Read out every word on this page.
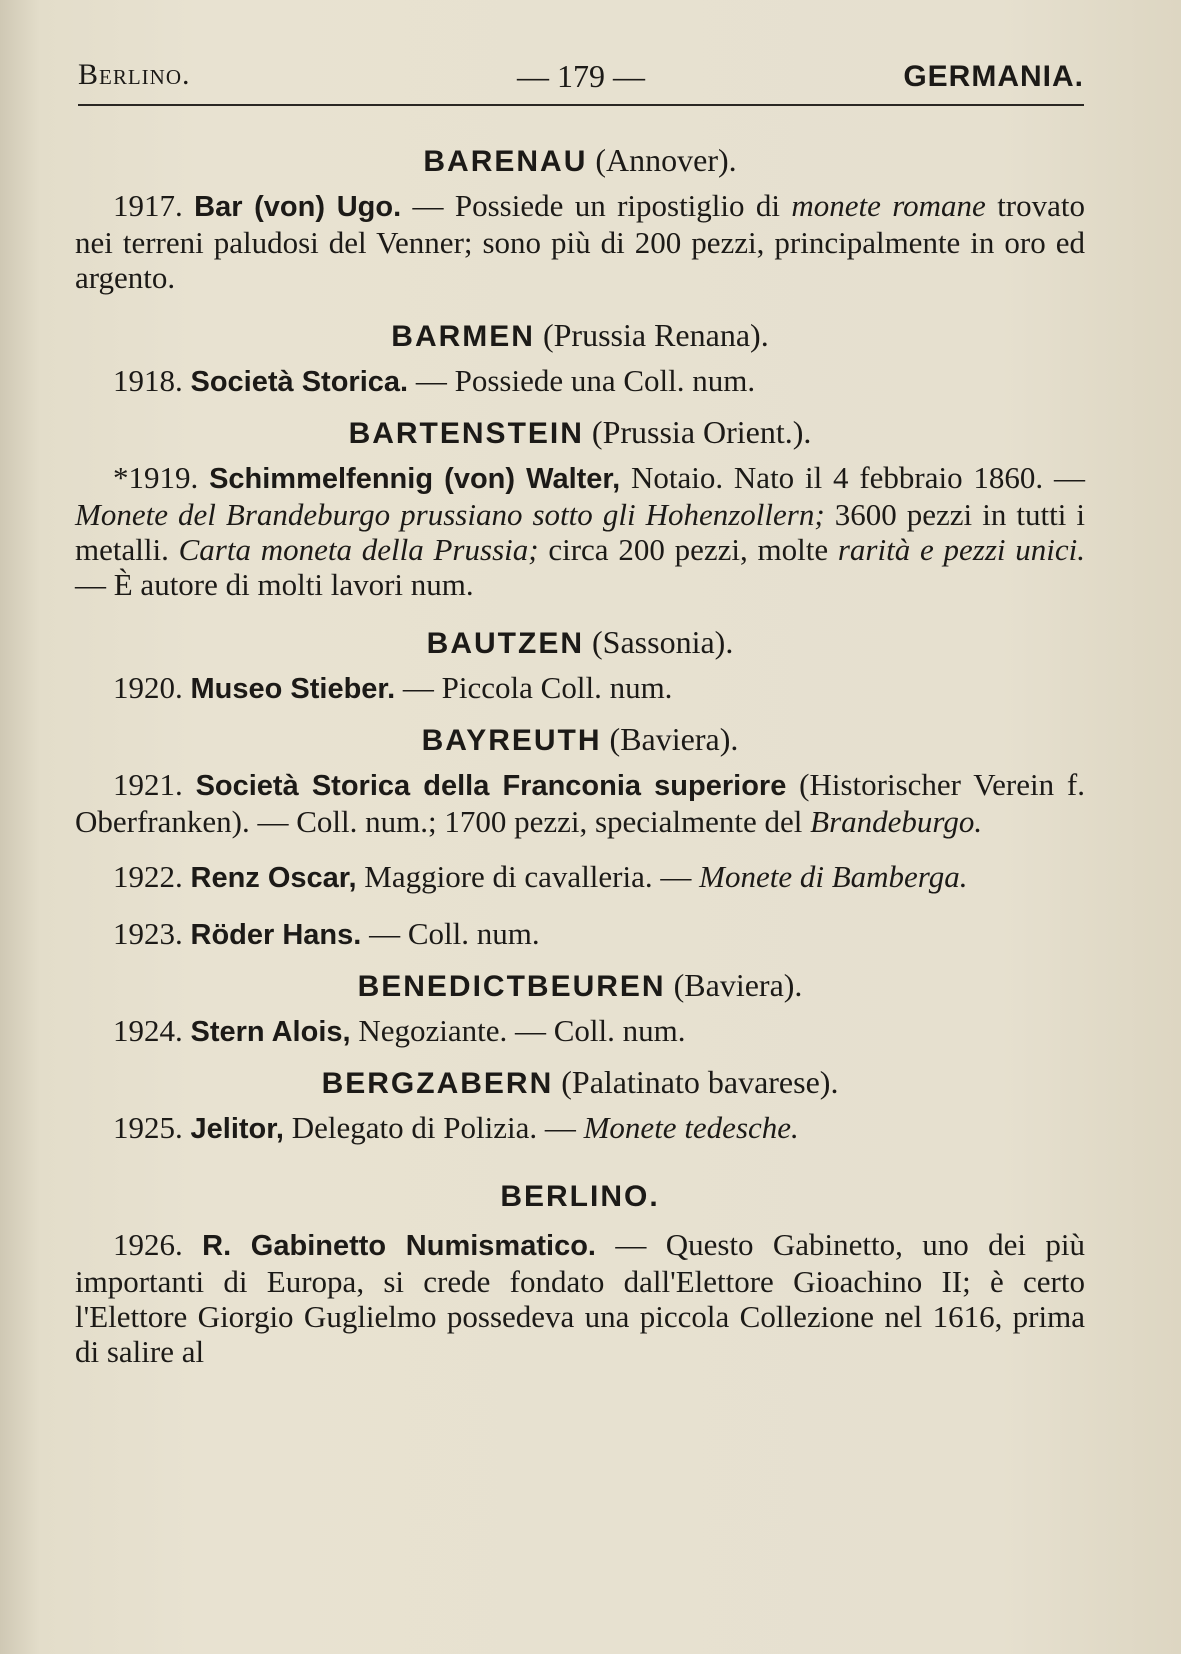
Berlino.	— 179 —	GERMANIA.
BARENAU (Annover).

1917. Bar (von) Ugo. — Possiede un ripostiglio di monete romane trovato nei terreni paludosi del Venner; sono più di 200 pezzi, principalmente in oro ed argento.

BARMEN (Prussia Renana).

1918. Società Storica. — Possiede una Coll. num.

BARTENSTEIN (Prussia Orient.).

*1919. Schimmelfennig (von) Walter, Notaio. Nato il 4 febbraio 1860. — Monete del Brandeburgo prussiano sotto gli Hohenzollern; 3600 pezzi in tutti i metalli. Carta moneta della Prussia; circa 200 pezzi, molte rarità e pezzi unici. — È autore di molti lavori num.

BAUTZEN (Sassonia).

1920. Museo Stieber. — Piccola Coll. num.

BAYREUTH (Baviera).

1921. Società Storica della Franconia superiore (Historischer Verein f. Oberfranken). — Coll. num.; 1700 pezzi, specialmente del Brandeburgo.

1922. Renz Oscar, Maggiore di cavalleria. — Monete di Bamberga.

1923. Röder Hans. — Coll. num.

BENEDICTBEUREN (Baviera).

1924. Stern Alois, Negoziante. — Coll. num.

BERGZABERN (Palatinato bavarese).

1925. Jelitor, Delegato di Polizia. — Monete tedesche.

BERLINO.

1926. R. Gabinetto Numismatico. — Questo Gabinetto, uno dei più importanti di Europa, si crede fondato dall'Elettore Gioachino II; è certo l'Elettore Giorgio Guglielmo possedeva una piccola Collezione nel 1616, prima di salire al
